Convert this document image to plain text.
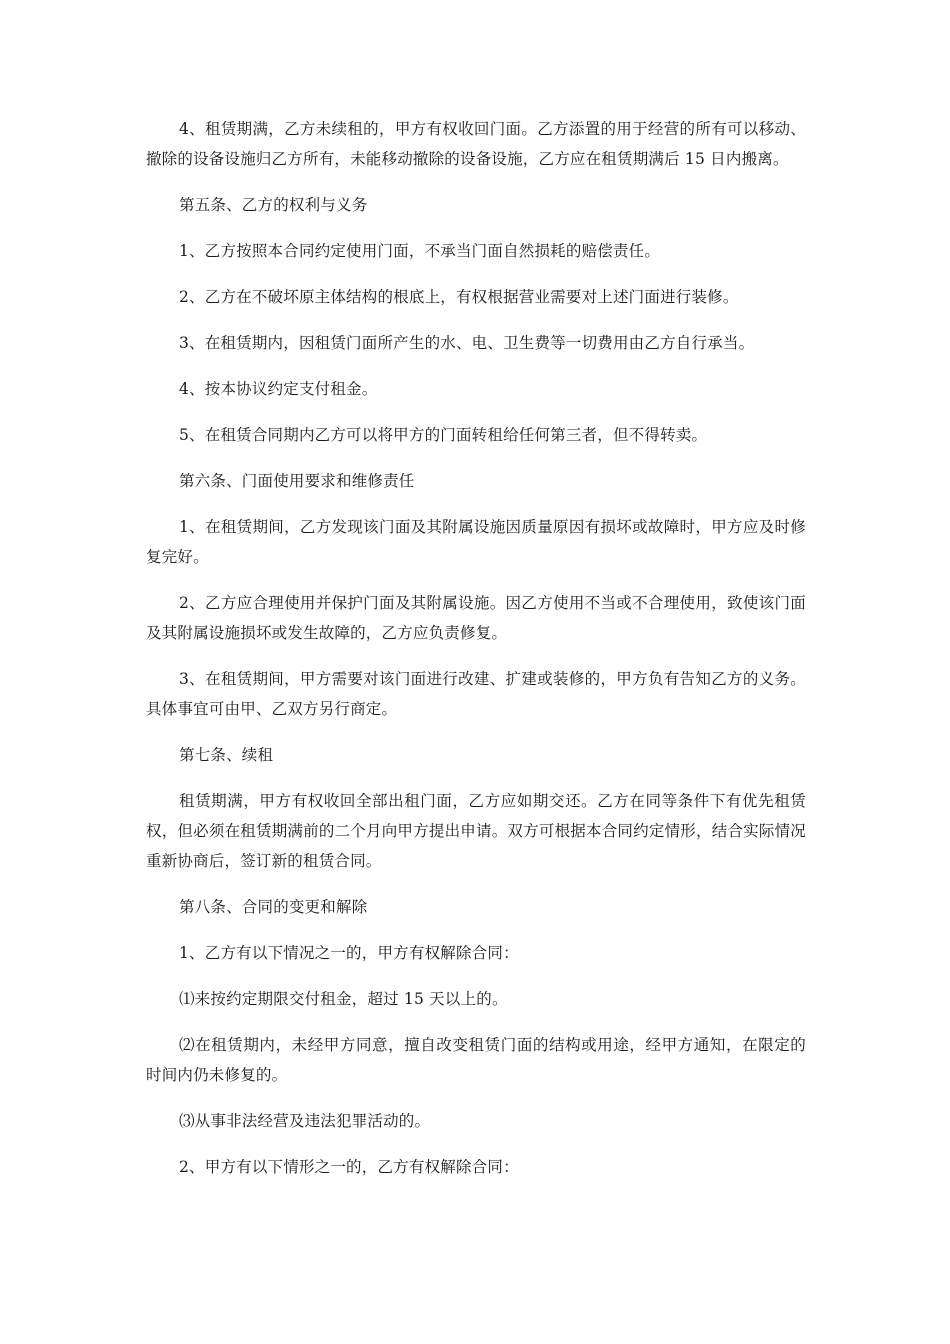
4、租赁期满，乙方未续租的，甲方有权收回门面。乙方添置的用于经营的所有可以移动、撤除的设备设施归乙方所有，未能移动撤除的设备设施，乙方应在租赁期满后 15 日内搬离。

第五条、乙方的权利与义务

1、乙方按照本合同约定使用门面，不承当门面自然损耗的赔偿责任。

2、乙方在不破坏原主体结构的根底上，有权根据营业需要对上述门面进行装修。

3、在租赁期内，因租赁门面所产生的水、电、卫生费等一切费用由乙方自行承当。

4、按本协议约定支付租金。

5、在租赁合同期内乙方可以将甲方的门面转租给任何第三者，但不得转卖。

第六条、门面使用要求和维修责任

1、在租赁期间，乙方发现该门面及其附属设施因质量原因有损坏或故障时，甲方应及时修复完好。

2、乙方应合理使用并保护门面及其附属设施。因乙方使用不当或不合理使用，致使该门面及其附属设施损坏或发生故障的，乙方应负责修复。

3、在租赁期间，甲方需要对该门面进行改建、扩建或装修的，甲方负有告知乙方的义务。具体事宜可由甲、乙双方另行商定。

第七条、续租

租赁期满，甲方有权收回全部出租门面，乙方应如期交还。乙方在同等条件下有优先租赁权，但必须在租赁期满前的二个月向甲方提出申请。双方可根据本合同约定情形，结合实际情况重新协商后，签订新的租赁合同。

第八条、合同的变更和解除

1、乙方有以下情况之一的，甲方有权解除合同：

⑴来按约定期限交付租金，超过 15 天以上的。

⑵在租赁期内，未经甲方同意，擅自改变租赁门面的结构或用途，经甲方通知，在限定的时间内仍未修复的。

⑶从事非法经营及违法犯罪活动的。

2、甲方有以下情形之一的，乙方有权解除合同：
